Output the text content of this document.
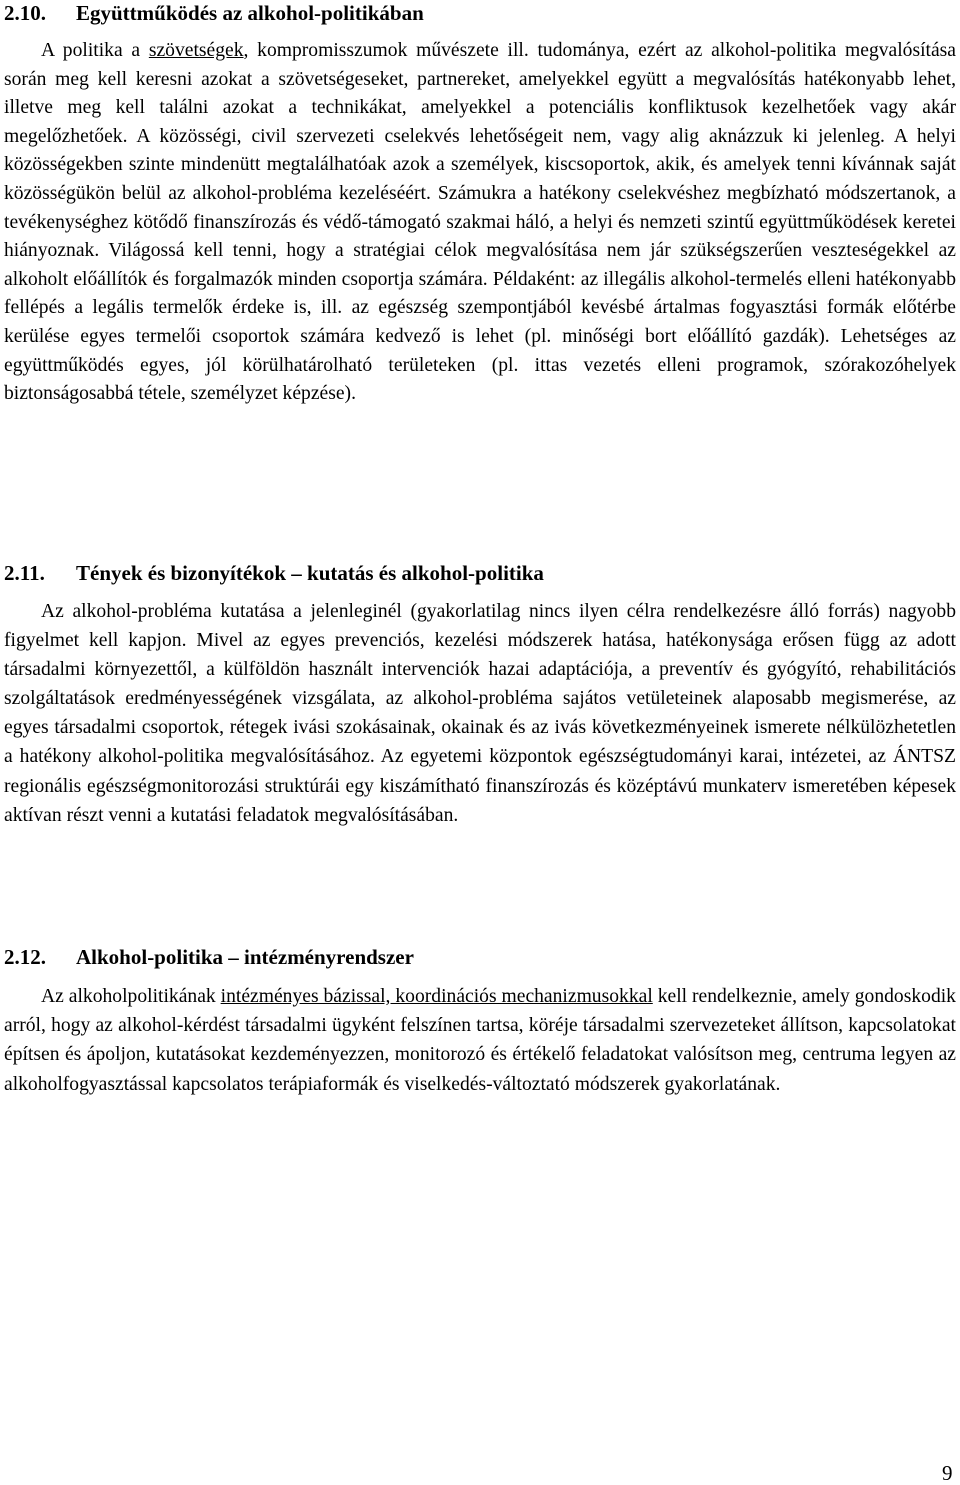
2.10. Együttműködés az alkohol-politikában

A politika a szövetségek, kompromisszumok művészete ill. tudománya, ezért az alkohol-politika megvalósítása során meg kell keresni azokat a szövetségeseket, partnereket, amelyekkel együtt a megvalósítás hatékonyabb lehet, illetve meg kell találni azokat a technikákat, amelyekkel a potenciális konfliktusok kezelhetőek vagy akár megelőzhetőek. A közösségi, civil szervezeti cselekvés lehetőségeit nem, vagy alig aknázzuk ki jelenleg. A helyi közösségekben szinte mindenütt megtalálhatóak azok a személyek, kiscsoportok, akik, és amelyek tenni kívánnak saját közösségükön belül az alkohol-probléma kezeléséért. Számukra a hatékony cselekvéshez megbízható módszertanok, a tevékenységhez kötődő finanszírozás és védő-támogató szakmai háló, a helyi és nemzeti szintű együttműködések keretei hiányoznak. Világossá kell tenni, hogy a stratégiai célok megvalósítása nem jár szükségszerűen veszteségekkel az alkoholt előállítók és forgalmazók minden csoportja számára. Példaként: az illegális alkohol-termelés elleni hatékonyabb fellépés a legális termelők érdeke is, ill. az egészség szempontjából kevésbé ártalmas fogyasztási formák előtérbe kerülése egyes termelői csoportok számára kedvező is lehet (pl. minőségi bort előállító gazdák). Lehetséges az együttműködés egyes, jól körülhatárolható területeken (pl. ittas vezetés elleni programok, szórakozóhelyek biztonságosabbá tétele, személyzet képzése).

2.11. Tények és bizonyítékok – kutatás és alkohol-politika

Az alkohol-probléma kutatása a jelenleginél (gyakorlatilag nincs ilyen célra rendelkezésre álló forrás) nagyobb figyelmet kell kapjon. Mivel az egyes prevenciós, kezelési módszerek hatása, hatékonysága erősen függ az adott társadalmi környezettől, a külföldön használt intervenciók hazai adaptációja, a preventív és gyógyító, rehabilitációs szolgáltatások eredményességének vizsgálata, az alkohol-probléma sajátos vetületeinek alaposabb megismerése, az egyes társadalmi csoportok, rétegek ivási szokásainak, okainak és az ivás következményeinek ismerete nélkülözhetetlen a hatékony alkohol-politika megvalósításához. Az egyetemi központok egészségtudományi karai, intézetei, az ÁNTSZ regionális egészségmonitorozási struktúrái egy kiszámítható finanszírozás és középtávú munkaterv ismeretében képesek aktívan részt venni a kutatási feladatok megvalósításában.

2.12. Alkohol-politika – intézményrendszer

Az alkoholpolitikának intézményes bázissal, koordinációs mechanizmusokkal kell rendelkeznie, amely gondoskodik arról, hogy az alkohol-kérdést társadalmi ügyként felszínen tartsa, köréje társadalmi szervezeteket állítson, kapcsolatokat építsen és ápoljon, kutatásokat kezdeményezzen, monitorozó és értékelő feladatokat valósítson meg, centruma legyen az alkoholfogyasztással kapcsolatos terápiaformák és viselkedés-változtató módszerek gyakorlatának.

9
